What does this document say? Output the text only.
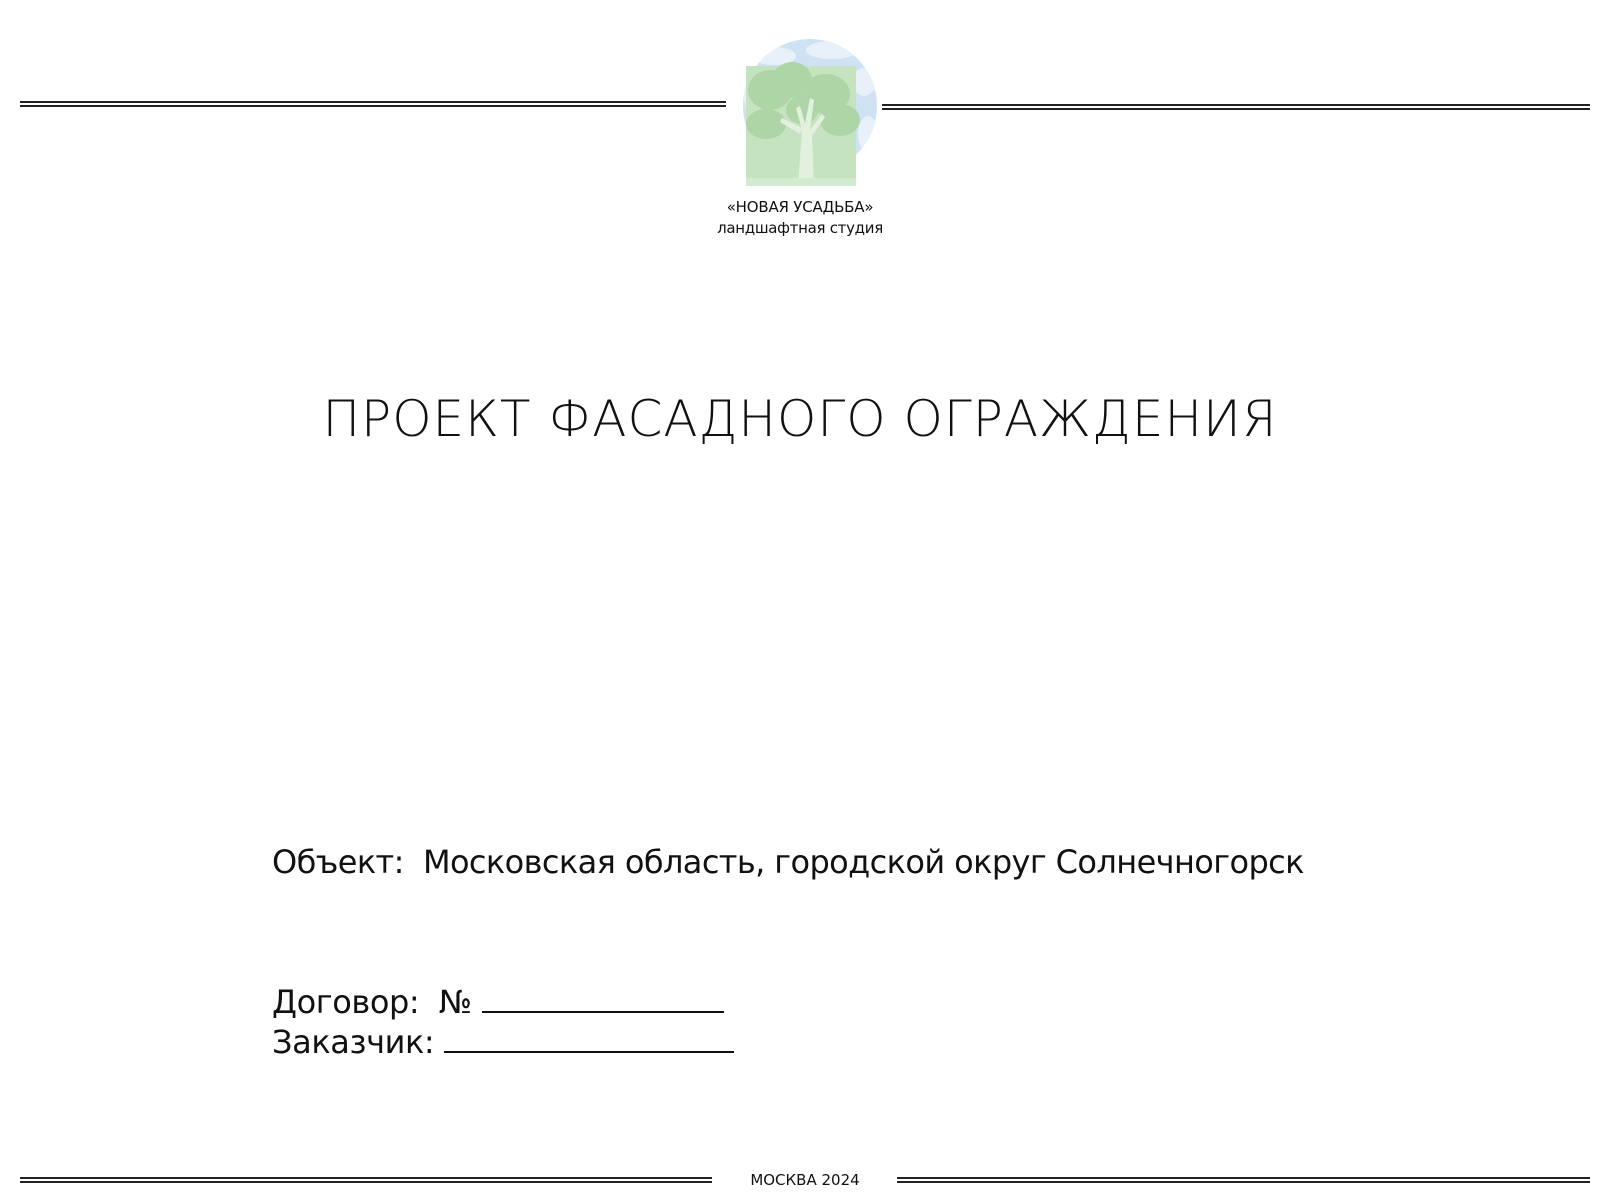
«НОВАЯ УСАДЬБА»
ландшафтная студия
ПРОЕКТ ФАСАДНОГО ОГРАЖДЕНИЯ
Объект: Московская область, городской округ Солнечногорск
Договор: №
Заказчик:
МОСКВА 2024
